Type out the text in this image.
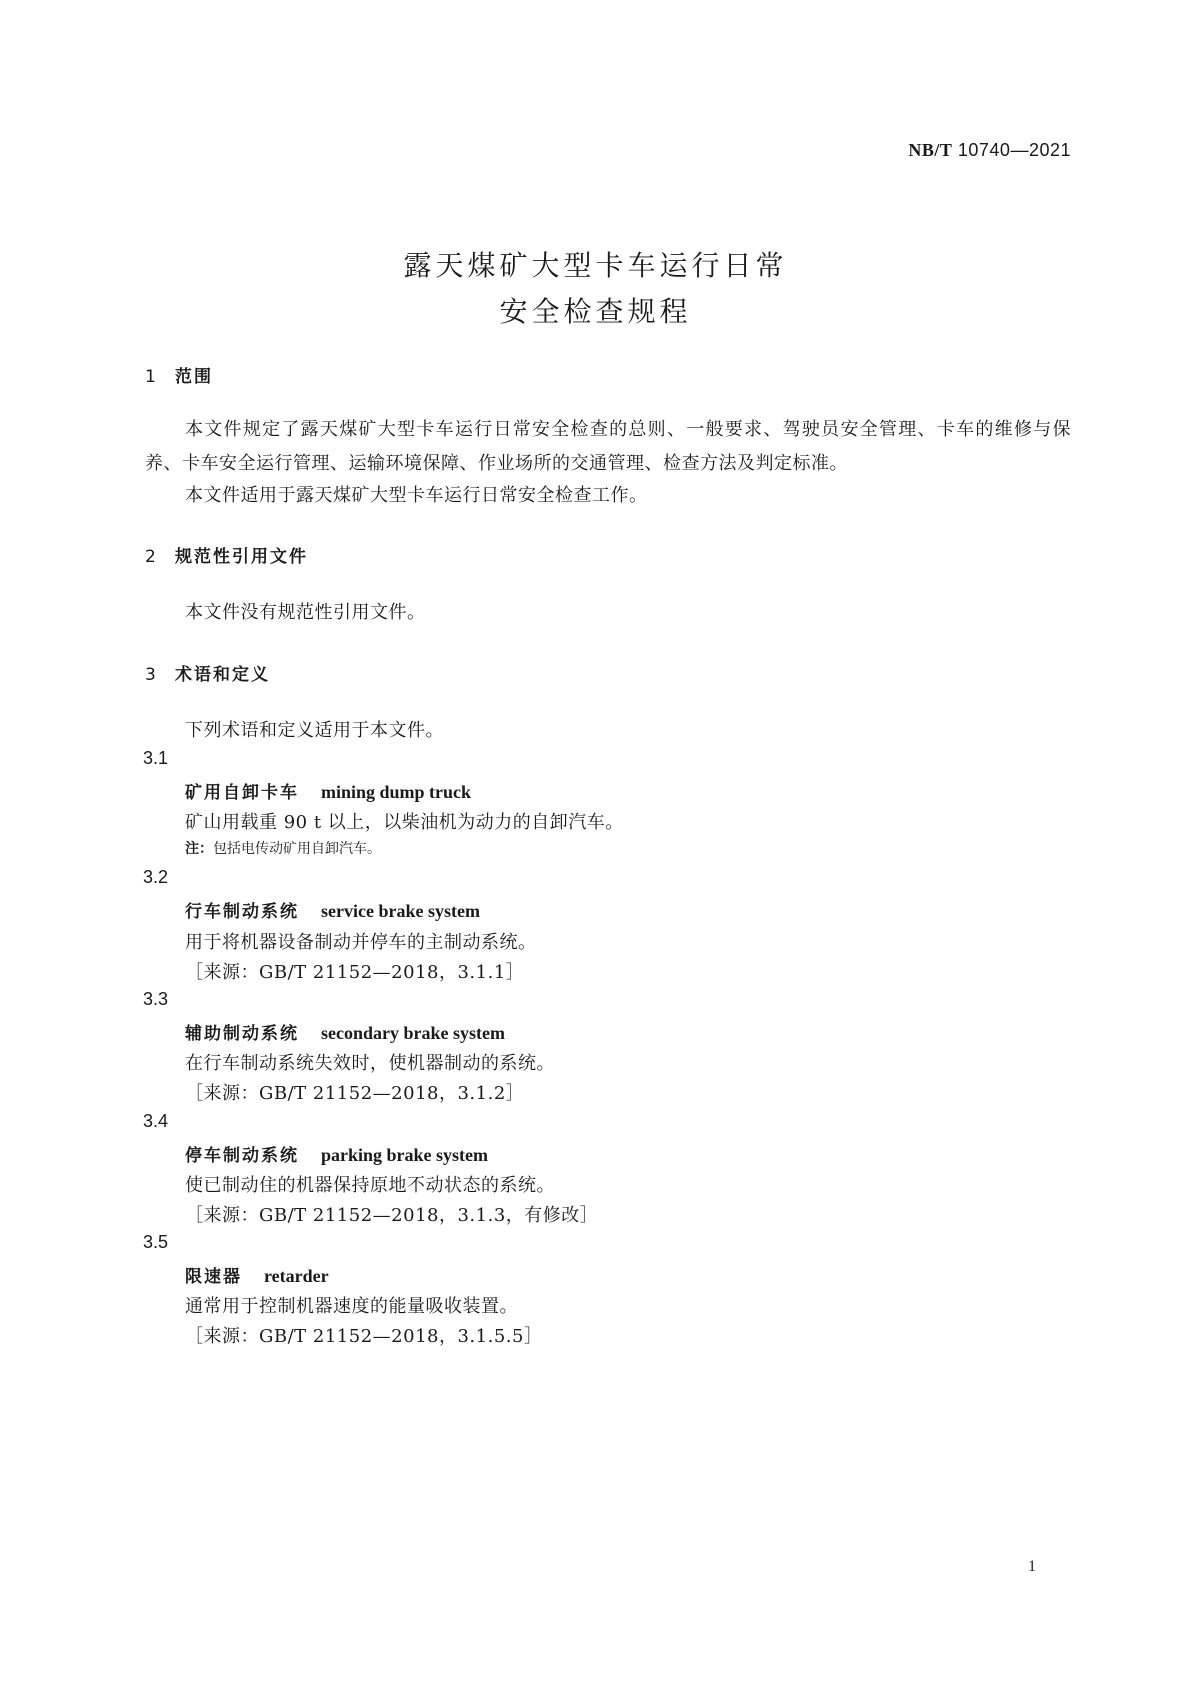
NB/T 10740—2021
露天煤矿大型卡车运行日常
安全检查规程
1 范围
本文件规定了露天煤矿大型卡车运行日常安全检查的总则、一般要求、驾驶员安全管理、卡车的维修与保养、卡车安全运行管理、运输环境保障、作业场所的交通管理、检查方法及判定标准。
本文件适用于露天煤矿大型卡车运行日常安全检查工作。
2 规范性引用文件
本文件没有规范性引用文件。
3 术语和定义
下列术语和定义适用于本文件。
3.1
矿用自卸卡车 mining dump truck
矿山用载重 90 t 以上，以柴油机为动力的自卸汽车。
注：包括电传动矿用自卸汽车。
3.2
行车制动系统 service brake system
用于将机器设备制动并停车的主制动系统。
［来源：GB/T 21152—2018，3.1.1］
3.3
辅助制动系统 secondary brake system
在行车制动系统失效时，使机器制动的系统。
［来源：GB/T 21152—2018，3.1.2］
3.4
停车制动系统 parking brake system
使已制动住的机器保持原地不动状态的系统。
［来源：GB/T 21152—2018，3.1.3，有修改］
3.5
限速器 retarder
通常用于控制机器速度的能量吸收装置。
［来源：GB/T 21152—2018，3.1.5.5］
1
